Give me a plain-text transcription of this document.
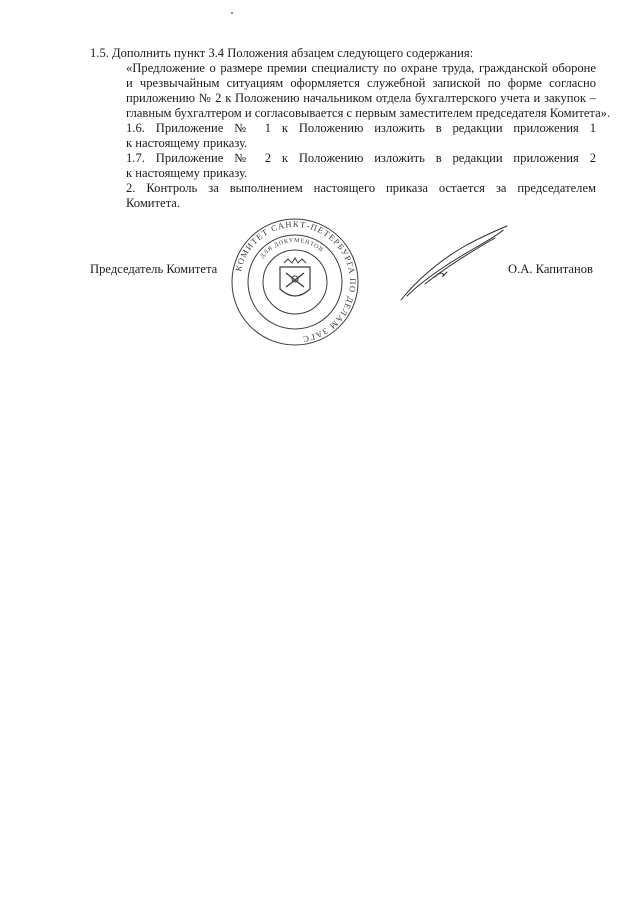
1.5. Дополнить пункт 3.4 Положения абзацем следующего содержания:

«Предложение о размере премии специалисту по охране труда, гражданской обороне
и чрезвычайным ситуациям оформляется служебной запиской по форме согласно
приложению № 2 к Положению начальником отдела бухгалтерского учета и закупок –
главным бухгалтером и согласовывается с первым заместителем председателя Комитета».

1.6. Приложение № 1 к Положению изложить в редакции приложения 1
к настоящему приказу.

1.7. Приложение № 2 к Положению изложить в редакции приложения 2
к настоящему приказу.

2. Контроль за выполнением настоящего приказа остается за председателем
Комитета.

Председатель Комитета	О.А. Капитанов
КОМИТЕТ САНКТ-ПЕТЕРБУРГА ПО ДЕЛАМ ЗАГС
ДЛЯ ДОКУМЕНТОВ
